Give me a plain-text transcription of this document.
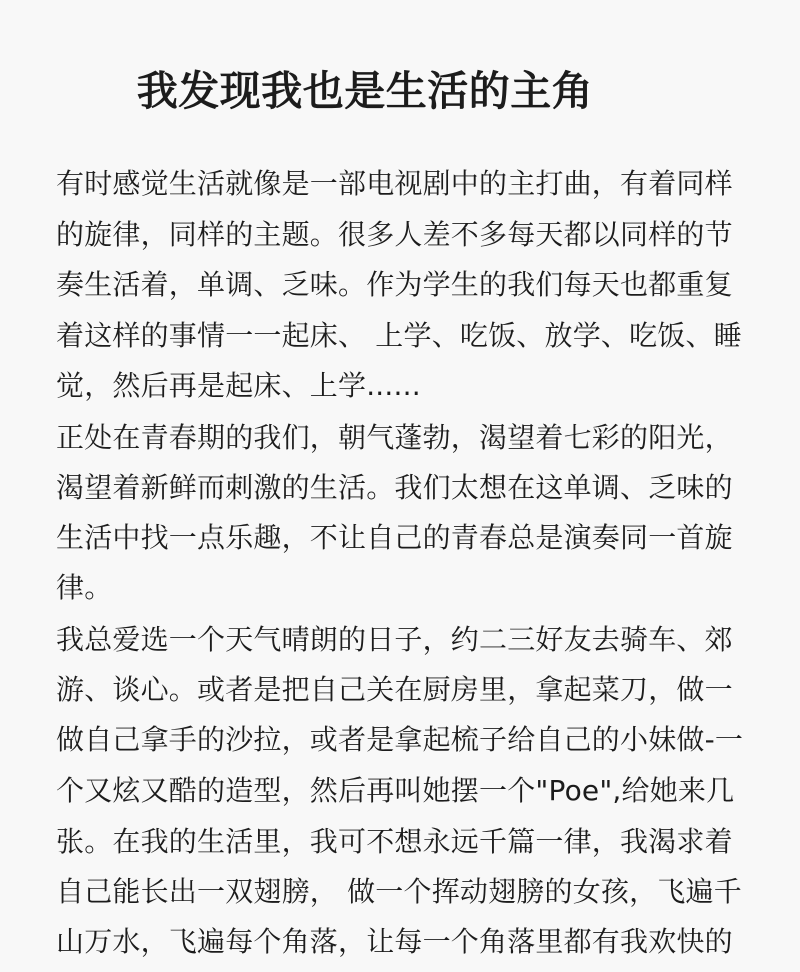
我发现我也是生活的主角

有时感觉生活就像是一部电视剧中的主打曲，有着同样

的旋律，同样的主题。很多人差不多每天都以同样的节

奏生活着，单调、乏味。作为学生的我们每天也都重复

着这样的事情一一起床、 上学、吃饭、放学、吃饭、睡

觉，然后再是起床、上学......

正处在青春期的我们，朝气蓬勃，渴望着七彩的阳光，

渴望着新鲜而刺激的生活。我们太想在这单调、乏味的

生活中找一点乐趣，不让自己的青春总是演奏同一首旋

律。

我总爱选一个天气晴朗的日子，约二三好友去骑车、郊

游、谈心。或者是把自己关在厨房里，拿起菜刀，做一

做自己拿手的沙拉，或者是拿起梳子给自己的小妹做-一

个又炫又酷的造型，然后再叫她摆一个"Poe",给她来几

张。在我的生活里，我可不想永远千篇一律，我渴求着

自己能长出一双翅膀， 做一个挥动翅膀的女孩，飞遍千

山万水，飞遍每个角落，让每一个角落里都有我欢快的
